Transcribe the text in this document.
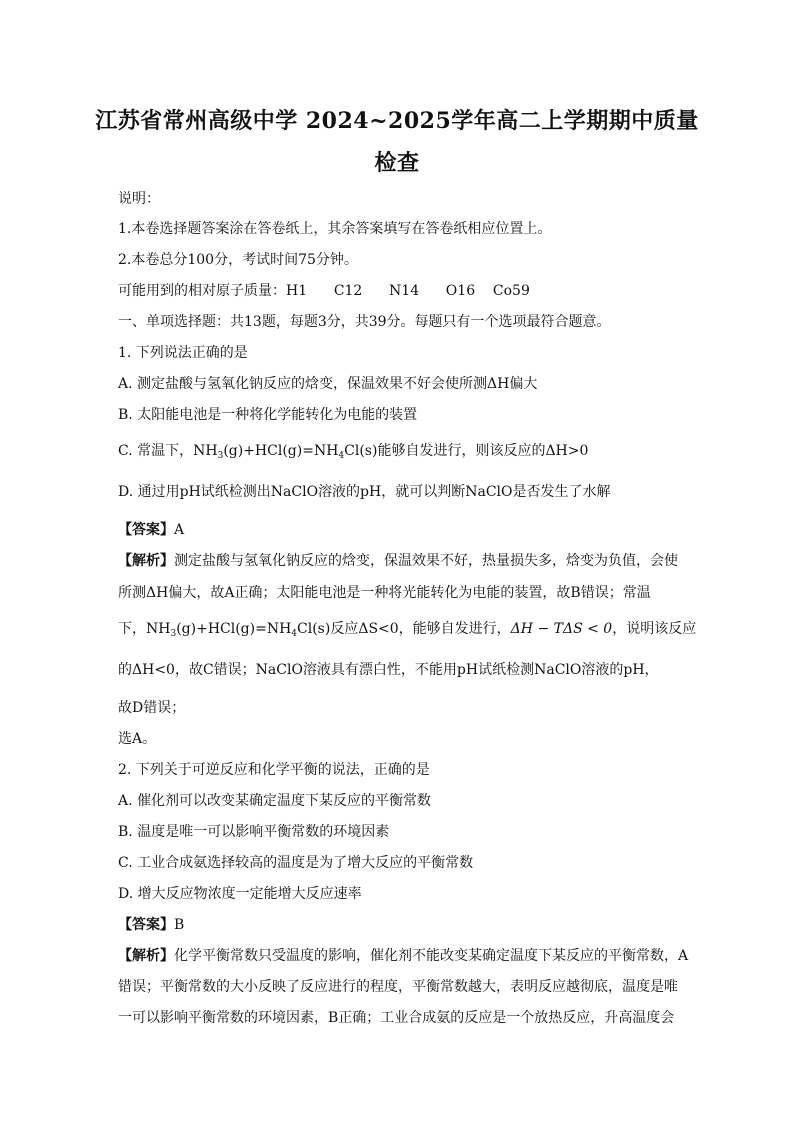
江苏省常州高级中学 2024~2025学年高二上学期期中质量
检查
说明：
1.本卷选择题答案涂在答卷纸上，其余答案填写在答卷纸相应位置上。
2.本卷总分100分，考试时间75分钟。
可能用到的相对原子质量：H1      C12      N14      O16    Co59
一、单项选择题：共13题，每题3分，共39分。每题只有一个选项最符合题意。
1. 下列说法正确的是
A. 测定盐酸与氢氧化钠反应的焓变，保温效果不好会使所测ΔH偏大
B. 太阳能电池是一种将化学能转化为电能的装置
C. 常温下，$NH_3(g)+HCl(g)=NH_4Cl(s)$能够自发进行，则该反应的ΔH>0
D. 通过用pH试纸检测出NaClO溶液的pH，就可以判断NaClO是否发生了水解
【答案】A
【解析】测定盐酸与氢氧化钠反应的焓变，保温效果不好，热量损失多，焓变为负值，会使
所测ΔH偏大，故A正确；太阳能电池是一种将光能转化为电能的装置，故B错误；常温
下，$NH_3(g)+HCl(g)=NH_4Cl(s)$反应ΔS<0，能够自发进行，ΔH − TΔS < 0，说明该反应
的ΔH<0，故C错误；NaClO溶液具有漂白性，不能用pH试纸检测NaClO溶液的pH，
故D错误；
选A。
2. 下列关于可逆反应和化学平衡的说法，正确的是
A. 催化剂可以改变某确定温度下某反应的平衡常数
B. 温度是唯一可以影响平衡常数的环境因素
C. 工业合成氨选择较高的温度是为了增大反应的平衡常数
D. 增大反应物浓度一定能增大反应速率
【答案】B
【解析】化学平衡常数只受温度的影响，催化剂不能改变某确定温度下某反应的平衡常数，A
错误；平衡常数的大小反映了反应进行的程度，平衡常数越大，表明反应越彻底，温度是唯
一可以影响平衡常数的环境因素，B正确；工业合成氨的反应是一个放热反应，升高温度会
